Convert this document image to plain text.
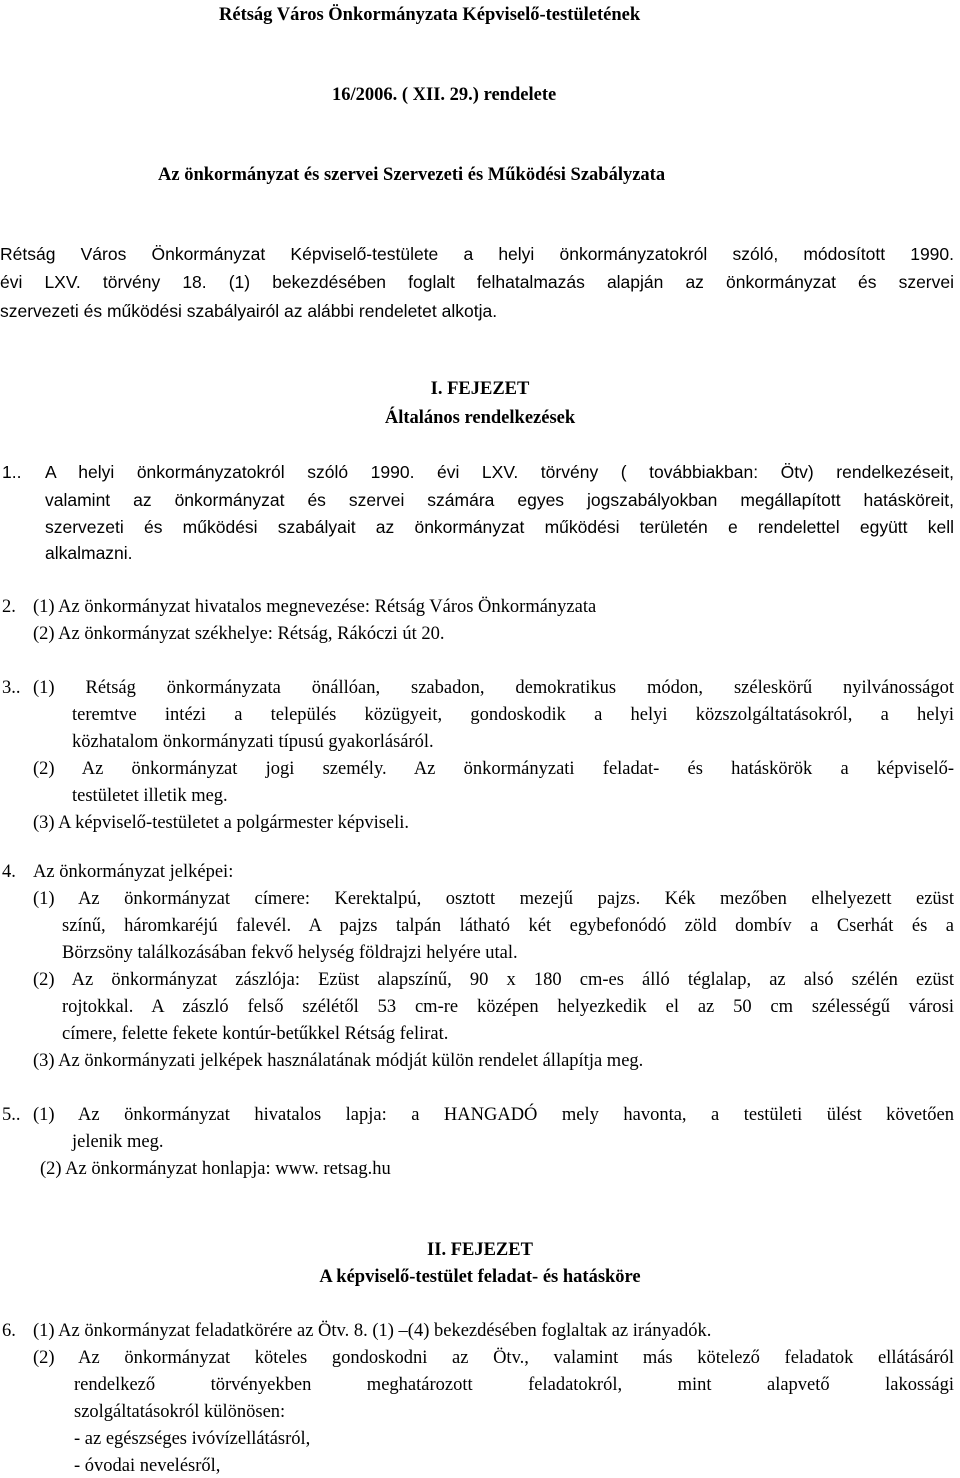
Rétság Város Önkormányzata Képviselő-testületének
16/2006. ( XII. 29.) rendelete
Az önkormányzat és szervei Szervezeti és Működési Szabályzata
Rétság Város Önkormányzat Képviselő-testülete a helyi önkormányzatokról szóló, módosított 1990.
évi LXV. törvény 18. (1) bekezdésében foglalt felhatalmazás alapján az önkormányzat és szervei
szervezeti és működési szabályairól az alábbi rendeletet alkotja.
I. FEJEZET
Általános rendelkezések
1.. A helyi önkormányzatokról szóló 1990. évi LXV. törvény ( továbbiakban: Ötv) rendelkezéseit,
valamint az önkormányzat és szervei számára egyes jogszabályokban megállapított hatásköreit,
szervezeti és működési szabályait az önkormányzat működési területén e rendelettel együtt kell
alkalmazni.
2. (1) Az önkormányzat hivatalos megnevezése: Rétság Város Önkormányzata
(2) Az önkormányzat székhelye: Rétság, Rákóczi út 20.
3.. (1) Rétság önkormányzata önállóan, szabadon, demokratikus módon, széleskörű nyilvánosságot
teremtve intézi a település közügyeit, gondoskodik a helyi közszolgáltatásokról, a helyi
közhatalom önkormányzati típusú gyakorlásáról.
(2) Az önkormányzat jogi személy. Az önkormányzati feladat- és hatáskörök a képviselő-
testületet illetik meg.
(3) A képviselő-testületet a polgármester képviseli.
4. Az önkormányzat jelképei:
(1) Az önkormányzat címere: Kerektalpú, osztott mezejű pajzs. Kék mezőben elhelyezett ezüst
színű, háromkaréjú falevél. A pajzs talpán látható két egybefonódó zöld dombív a Cserhát és a
Börzsöny találkozásában fekvő helység földrajzi helyére utal.
(2) Az önkormányzat zászlója: Ezüst alapszínű, 90 x 180 cm-es álló téglalap, az alsó szélén ezüst
rojtokkal. A zászló felső szélétől 53 cm-re középen helyezkedik el az 50 cm szélességű városi
címere, felette fekete kontúr-betűkkel Rétság felirat.
(3) Az önkormányzati jelképek használatának módját külön rendelet állapítja meg.
5.. (1) Az önkormányzat hivatalos lapja: a HANGADÓ mely havonta, a testületi ülést követően
jelenik meg.
(2) Az önkormányzat honlapja: www. retsag.hu
II. FEJEZET
A képviselő-testület feladat- és hatásköre
6. (1) Az önkormányzat feladatkörére az Ötv. 8. (1) –(4) bekezdésében foglaltak az irányadók.
(2) Az önkormányzat köteles gondoskodni az Ötv., valamint más kötelező feladatok ellátásáról
rendelkező törvényekben meghatározott feladatokról, mint alapvető lakossági
szolgáltatásokról különösen:
- az egészséges ivóvízellátásról,
- óvodai nevelésről,
